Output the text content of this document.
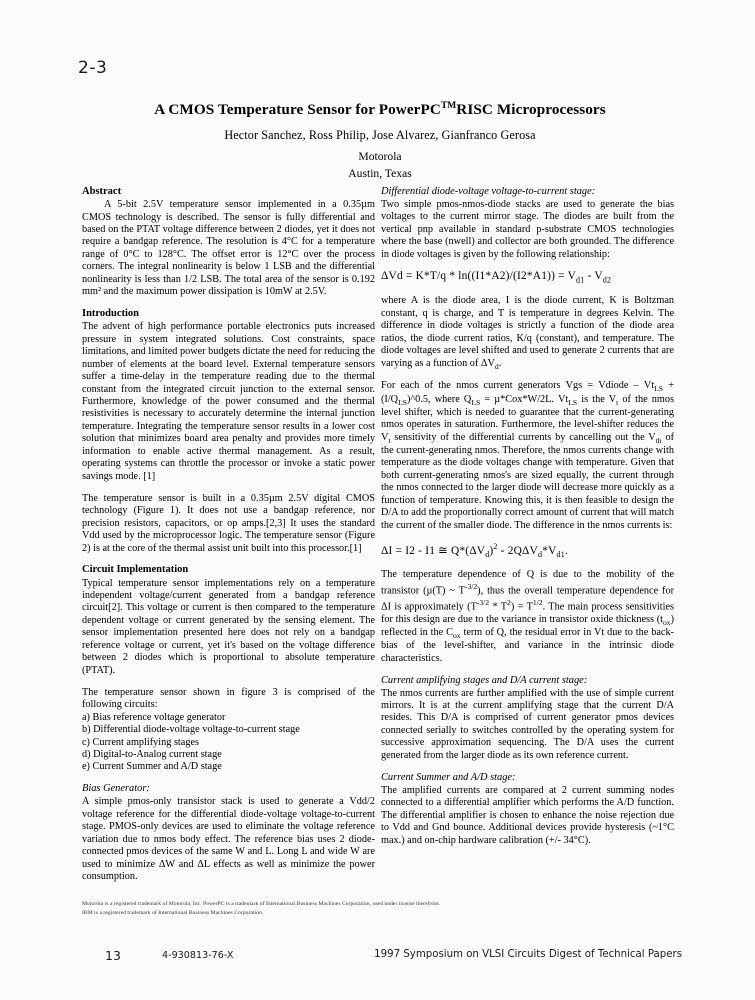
2-3
A CMOS Temperature Sensor for PowerPC™RISC Microprocessors
Hector Sanchez, Ross Philip, Jose Alvarez, Gianfranco Gerosa
Motorola
Austin, Texas
Abstract

A 5-bit 2.5V temperature sensor implemented in a 0.35µm CMOS technology is described. The sensor is fully differential and based on the PTAT voltage difference between 2 diodes, yet it does not require a bandgap reference. The resolution is 4°C for a temperature range of 0°C to 128°C. The offset error is 12°C over the process corners. The integral nonlinearity is below 1 LSB and the differential nonlinearity is less than 1/2 LSB. The total area of the sensor is 0.192 mm² and the maximum power dissipation is 10mW at 2.5V.

Introduction

The advent of high performance portable electronics puts increased pressure in system integrated solutions. Cost constraints, space limitations, and limited power budgets dictate the need for reducing the number of elements at the board level. External temperature sensors suffer a time-delay in the temperature reading due to the thermal constant from the integrated circuit junction to the external sensor. Furthermore, knowledge of the power consumed and the thermal resistivities is necessary to accurately determine the internal junction temperature. Integrating the temperature sensor results in a lower cost solution that minimizes board area penalty and provides more timely information to enable active thermal management. As a result, operating systems can throttle the processor or invoke a static power savings mode. [1]

The temperature sensor is built in a 0.35µm 2.5V digital CMOS technology (Figure 1). It does not use a bandgap reference, nor precision resistors, capacitors, or op amps.[2,3] It uses the standard Vdd used by the microprocessor logic. The temperature sensor (Figure 2) is at the core of the thermal assist unit built into this processor.[1]

Circuit Implementation

Typical temperature sensor implementations rely on a temperature independent voltage/current generated from a bandgap reference circuit[2]. This voltage or current is then compared to the temperature dependent voltage or current generated by the sensing element. The sensor implementation presented here does not rely on a bandgap reference voltage or current, yet it's based on the voltage difference between 2 diodes which is proportional to absolute temperature (PTAT).

The temperature sensor shown in figure 3 is comprised of the following circuits:

a) Bias reference voltage generator
b) Differential diode-voltage voltage-to-current stage
c) Current amplifying stages
d) Digital-to-Analog current stage
e) Current Summer and A/D stage
Bias Generator:

A simple pmos-only transistor stack is used to generate a Vdd/2 voltage reference for the differential diode-voltage voltage-to-current stage. PMOS-only devices are used to eliminate the voltage reference variation due to nmos body effect. The reference bias uses 2 diode-connected pmos devices of the same W and L. Long L and wide W are used to minimize ΔW and ΔL effects as well as minimize the power consumption.

Differential diode-voltage voltage-to-current stage:

Two simple pmos-nmos-diode stacks are used to generate the bias voltages to the current mirror stage. The diodes are built from the vertical pnp available in standard p-substrate CMOS technologies where the base (nwell) and collector are both grounded. The difference in diode voltages is given by the following relationship:

$\Delta Vd = K*T/q * \ln((I1*A2)/(I2*A1)) = V_{d1} - V_{d2}$

where A is the diode area, I is the diode current, K is Boltzman constant, q is charge, and T is temperature in degrees Kelvin. The difference in diode voltages is strictly a function of the diode area ratios, the diode current ratios, K/q (constant), and temperature. The diode voltages are level shifted and used to generate 2 currents that are varying as a function of $\Delta V_d$.

For each of the nmos current generators Vgs = Vdiode – $Vt_{LS}$ + $(I/Q_{LS})\^{}0.5$, where $Q_{LS} = \mu*Cox*W/2L$. $Vt_{LS}$ is the $V_t$ of the nmos level shifter, which is needed to guarantee that the current-generating nmos operates in saturation. Furthermore, the level-shifter reduces the $V_t$ sensitivity of the differential currents by cancelling out the $V_{th}$ of the current-generating nmos. Therefore, the nmos currents change with temperature as the diode voltages change with temperature. Given that both current-generating nmos's are sized equally, the current through the nmos connected to the larger diode will decrease more quickly as a function of temperature. Knowing this, it is then feasible to design the D/A to add the proportionally correct amount of current that will match the current of the smaller diode. The difference in the nmos currents is:

ΔI = I2 - I1 ≅ $Q*(\Delta V_d)^2 - 2Q\Delta V_d*V_{d1}$.

The temperature dependence of Q is due to the mobility of the transistor (µ(T) ~ $T^{-3/2}$), thus the overall temperature dependence for ΔI is approximately $(T^{-3/2} * T^2) = T^{1/2}$. The main process sensitivities for this design are due to the variance in transistor oxide thickness $(t_{ox})$ reflected in the $C_{ox}$ term of Q, the residual error in Vt due to the back-bias of the level-shifter, and variance in the intrinsic diode characteristics.

Current amplifying stages and D/A current stage:

The nmos currents are further amplified with the use of simple current mirrors. It is at the current amplifying stage that the current D/A resides. This D/A is comprised of current generator pmos devices connected serially to switches controlled by the operating system for successive approximation sequencing. The D/A uses the current generated from the larger diode as its own reference current.

Current Summer and A/D stage:

The amplified currents are compared at 2 current summing nodes connected to a differential amplifier which performs the A/D function. The differential amplifier is chosen to enhance the noise rejection due to Vdd and Gnd bounce. Additional devices provide hysteresis (~1°C max.) and on-chip hardware calibration (+/- 34°C).

Motorola is a registered trademark of Motorola, Inc. PowerPC is a trademark of International Business Machines Corporation, used under license therefrom.
IBM is a registered trademark of International Business Machines Corporation.
13	4-930813-76-X	1997 Symposium on VLSI Circuits Digest of Technical Papers
